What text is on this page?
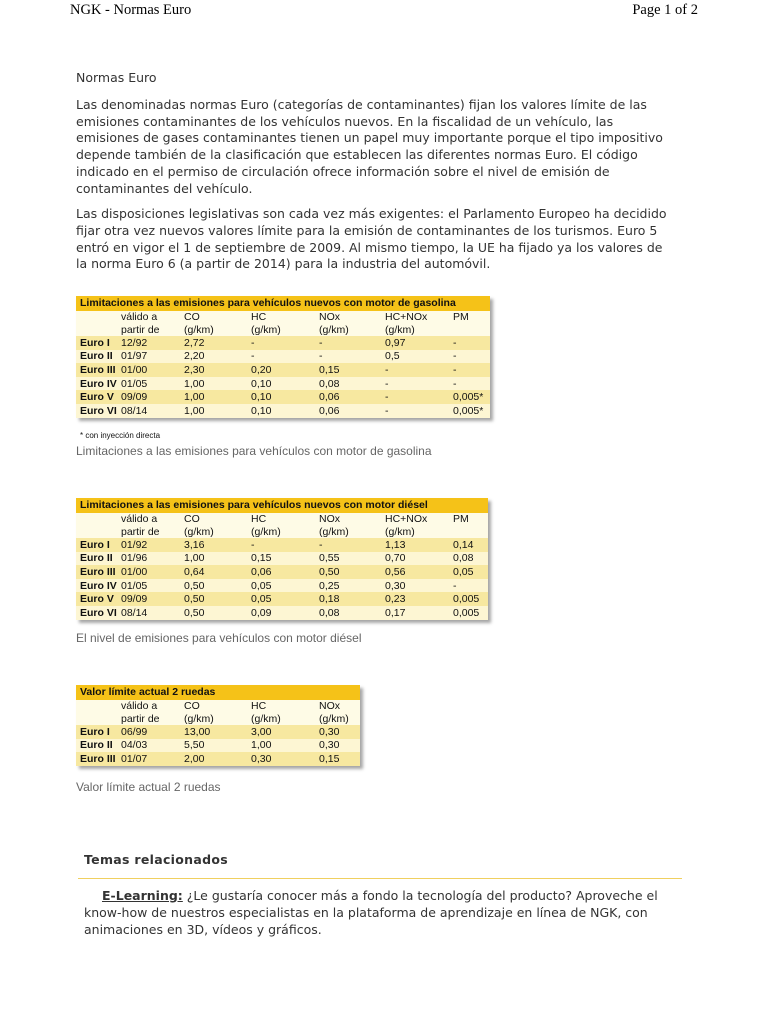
NGK - Normas Euro	Page 1 of 2
Normas Euro

Las denominadas normas Euro (categorías de contaminantes) fijan los valores límite de las emisiones contaminantes de los vehículos nuevos. En la fiscalidad de un vehículo, las emisiones de gases contaminantes tienen un papel muy importante porque el tipo impositivo depende también de la clasificación que establecen las diferentes normas Euro. El código indicado en el permiso de circulación ofrece información sobre el nivel de emisión de contaminantes del vehículo.

Las disposiciones legislativas son cada vez más exigentes: el Parlamento Europeo ha decidido fijar otra vez nuevos valores límite para la emisión de contaminantes de los turismos. Euro 5 entró en vigor el 1 de septiembre de 2009. Al mismo tiempo, la UE ha fijado ya los valores de la norma Euro 6 (a partir de 2014) para la industria del automóvil.

Limitaciones a las emisiones para vehículos nuevos con motor de gasolina
	válido a	CO	HC	NOx	HC+NOx	PM
	partir de	(g/km)	(g/km)	(g/km)	(g/km)	
Euro I	12/92	2,72	-	-	0,97	-
Euro II	01/97	2,20	-	-	0,5	-
Euro III	01/00	2,30	0,20	0,15	-	-
Euro IV	01/05	1,00	0,10	0,08	-	-
Euro V	09/09	1,00	0,10	0,06	-	0,005*
Euro VI	08/14	1,00	0,10	0,06	-	0,005*
* con inyección directa
Limitaciones a las emisiones para vehículos con motor de gasolina
Limitaciones a las emisiones para vehículos nuevos con motor diésel
	válido a	CO	HC	NOx	HC+NOx	PM
	partir de	(g/km)	(g/km)	(g/km)	(g/km)	
Euro I	01/92	3,16	-	-	1,13	0,14
Euro II	01/96	1,00	0,15	0,55	0,70	0,08
Euro III	01/00	0,64	0,06	0,50	0,56	0,05
Euro IV	01/05	0,50	0,05	0,25	0,30	-
Euro V	09/09	0,50	0,05	0,18	0,23	0,005
Euro VI	08/14	0,50	0,09	0,08	0,17	0,005
El nivel de emisiones para vehículos con motor diésel
Valor límite actual 2 ruedas
	válido a	CO	HC	NOx
	partir de	(g/km)	(g/km)	(g/km)
Euro I	06/99	13,00	3,00	0,30
Euro II	04/03	5,50	1,00	0,30
Euro III	01/07	2,00	0,30	0,15
Valor límite actual 2 ruedas
Temas relacionados
E-Learning: ¿Le gustaría conocer más a fondo la tecnología del producto? Aproveche el know-how de nuestros especialistas en la plataforma de aprendizaje en línea de NGK, con animaciones en 3D, vídeos y gráficos.
